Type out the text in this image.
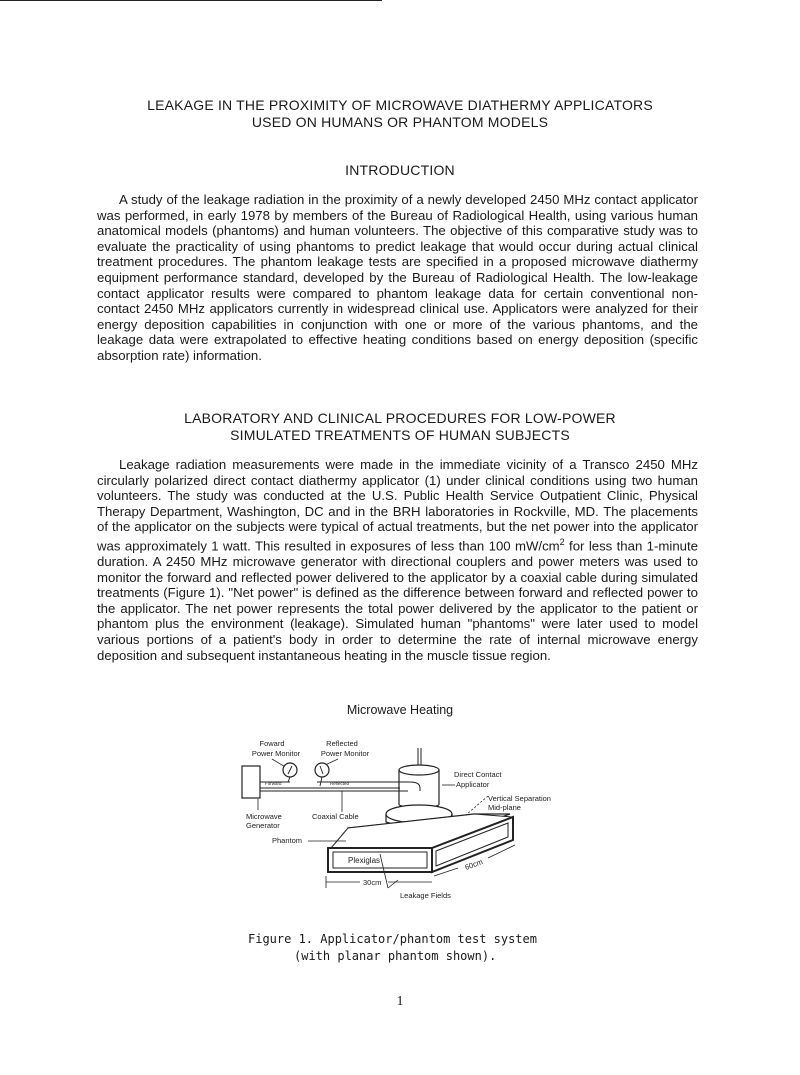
LEAKAGE IN THE PROXIMITY OF MICROWAVE DIATHERMY APPLICATORS
USED ON HUMANS OR PHANTOM MODELS
INTRODUCTION

A study of the leakage radiation in the proximity of a newly developed 2450 MHz contact applicator was performed, in early 1978 by members of the Bureau of Radiological Health, using various human anatomical models (phantoms) and human volunteers. The objective of this comparative study was to evaluate the practicality of using phantoms to predict leakage that would occur during actual clinical treatment procedures. The phantom leakage tests are specified in a proposed microwave diathermy equipment performance standard, developed by the Bureau of Radiological Health. The low-leakage contact applicator results were compared to phantom leakage data for certain conventional non-contact 2450 MHz applicators currently in widespread clinical use. Applicators were analyzed for their energy deposition capabilities in conjunction with one or more of the various phantoms, and the leakage data were extrapolated to effective heating conditions based on energy deposition (specific absorption rate) information.

LABORATORY AND CLINICAL PROCEDURES FOR LOW-POWER
SIMULATED TREATMENTS OF HUMAN SUBJECTS

Leakage radiation measurements were made in the immediate vicinity of a Transco 2450 MHz circularly polarized direct contact diathermy applicator (1) under clinical conditions using two human volunteers. The study was conducted at the U.S. Public Health Service Outpatient Clinic, Physical Therapy Department, Washington, DC and in the BRH laboratories in Rockville, MD. The placements of the applicator on the subjects were typical of actual treatments, but the net power into the applicator was approximately 1 watt. This resulted in exposures of less than 100 $mW/cm^2$ for less than 1-minute duration. A 2450 MHz microwave generator with directional couplers and power meters was used to monitor the forward and reflected power delivered to the applicator by a coaxial cable during simulated treatments (Figure 1). "Net power" is defined as the difference between forward and reflected power to the applicator. The net power represents the total power delivered by the applicator to the patient or phantom plus the environment (leakage). Simulated human "phantoms" were later used to model various portions of a patient's body in order to determine the rate of internal microwave energy deposition and subsequent instantaneous heating in the muscle tissue region.

Microwave Heating
Foward
Power Monitor
Reflected
Power Monitor
Forward	Reflected
Direct Contact
Applicator
Vertical Separation
Mid-plane
Plexiglas
Phantom
Microwave
Generator
Coaxial Cable
30cm
60cm
Leakage Fields
Figure 1. Applicator/phantom test system
(with planar phantom shown).
1
